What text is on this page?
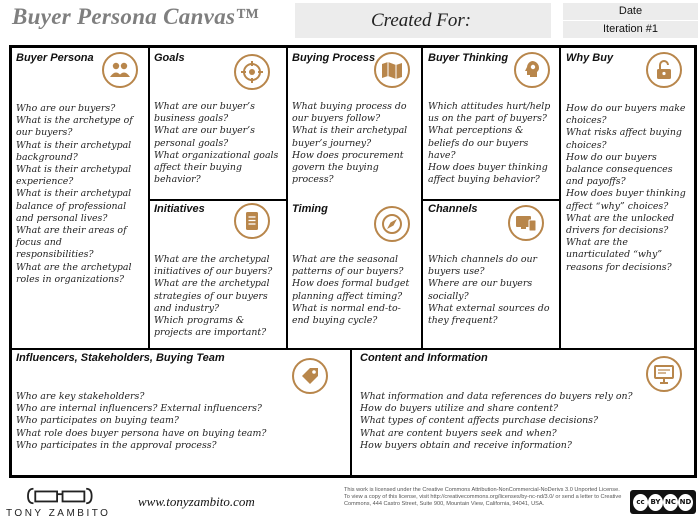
Buyer Persona Canvas™	Created For:	Date
Iteration #1
Buyer Persona

Who are our buyers?

What is the archetype of our buyers?

What is their archetypal background?

What is their archetypal experience?

What is their archetypal balance of professional and personal lives?

What are their areas of focus and responsibilities?

What are the archetypal roles in organizations?

Goals

What are our buyer’s business goals?

What are our buyer’s personal goals?

What organizational goals affect their buying behavior?

Initiatives

What are the archetypal initiatives of our buyers?

What are the archetypal strategies of our buyers and industry?

Which programs & projects are important?

Buying Process

What buying process do our buyers follow?

What is their archetypal buyer’s journey?

How does procurement govern the buying process?

Timing

What are the seasonal patterns of our buyers?

How does formal budget planning affect timing?

What is normal end-to-end buying cycle?

Buyer Thinking

Which attitudes hurt/help us on the part of buyers?

What perceptions & beliefs do our buyers have?

How does buyer thinking affect buying behavior?

Channels

Which channels do our buyers use?

Where are our buyers socially?

What external sources do they frequent?

Why Buy

How do our buyers make choices?

What risks affect buying choices?

How do our buyers balance consequences and payoffs?

How does buyer thinking affect “why” choices?

What are the unlocked drivers for decisions?

What are the unarticulated “why” reasons for decisions?

Influencers, Stakeholders, Buying Team

Who are key stakeholders?

Who are internal influencers? External influencers?

Who participates on buying team?

What role does buyer persona have on buying team?

Who participates in the approval process?

Content and Information

What information and data references do buyers rely on?

How do buyers utilize and share content?

What types of content affects purchase decisions?

What are content buyers seek and when?

How buyers obtain and receive information?

TONY ZAMBITO
www.tonyzambito.com
This work is licensed under the Creative Commons Attribution-NonCommercial-NoDerivs 3.0 Unported License. To view a copy of this license, visit http://creativecommons.org/licenses/by-nc-nd/3.0/ or send a letter to Creative Commons, 444 Castro Street, Suite 900, Mountain View, California, 94041, USA.	cc BY NC ND
